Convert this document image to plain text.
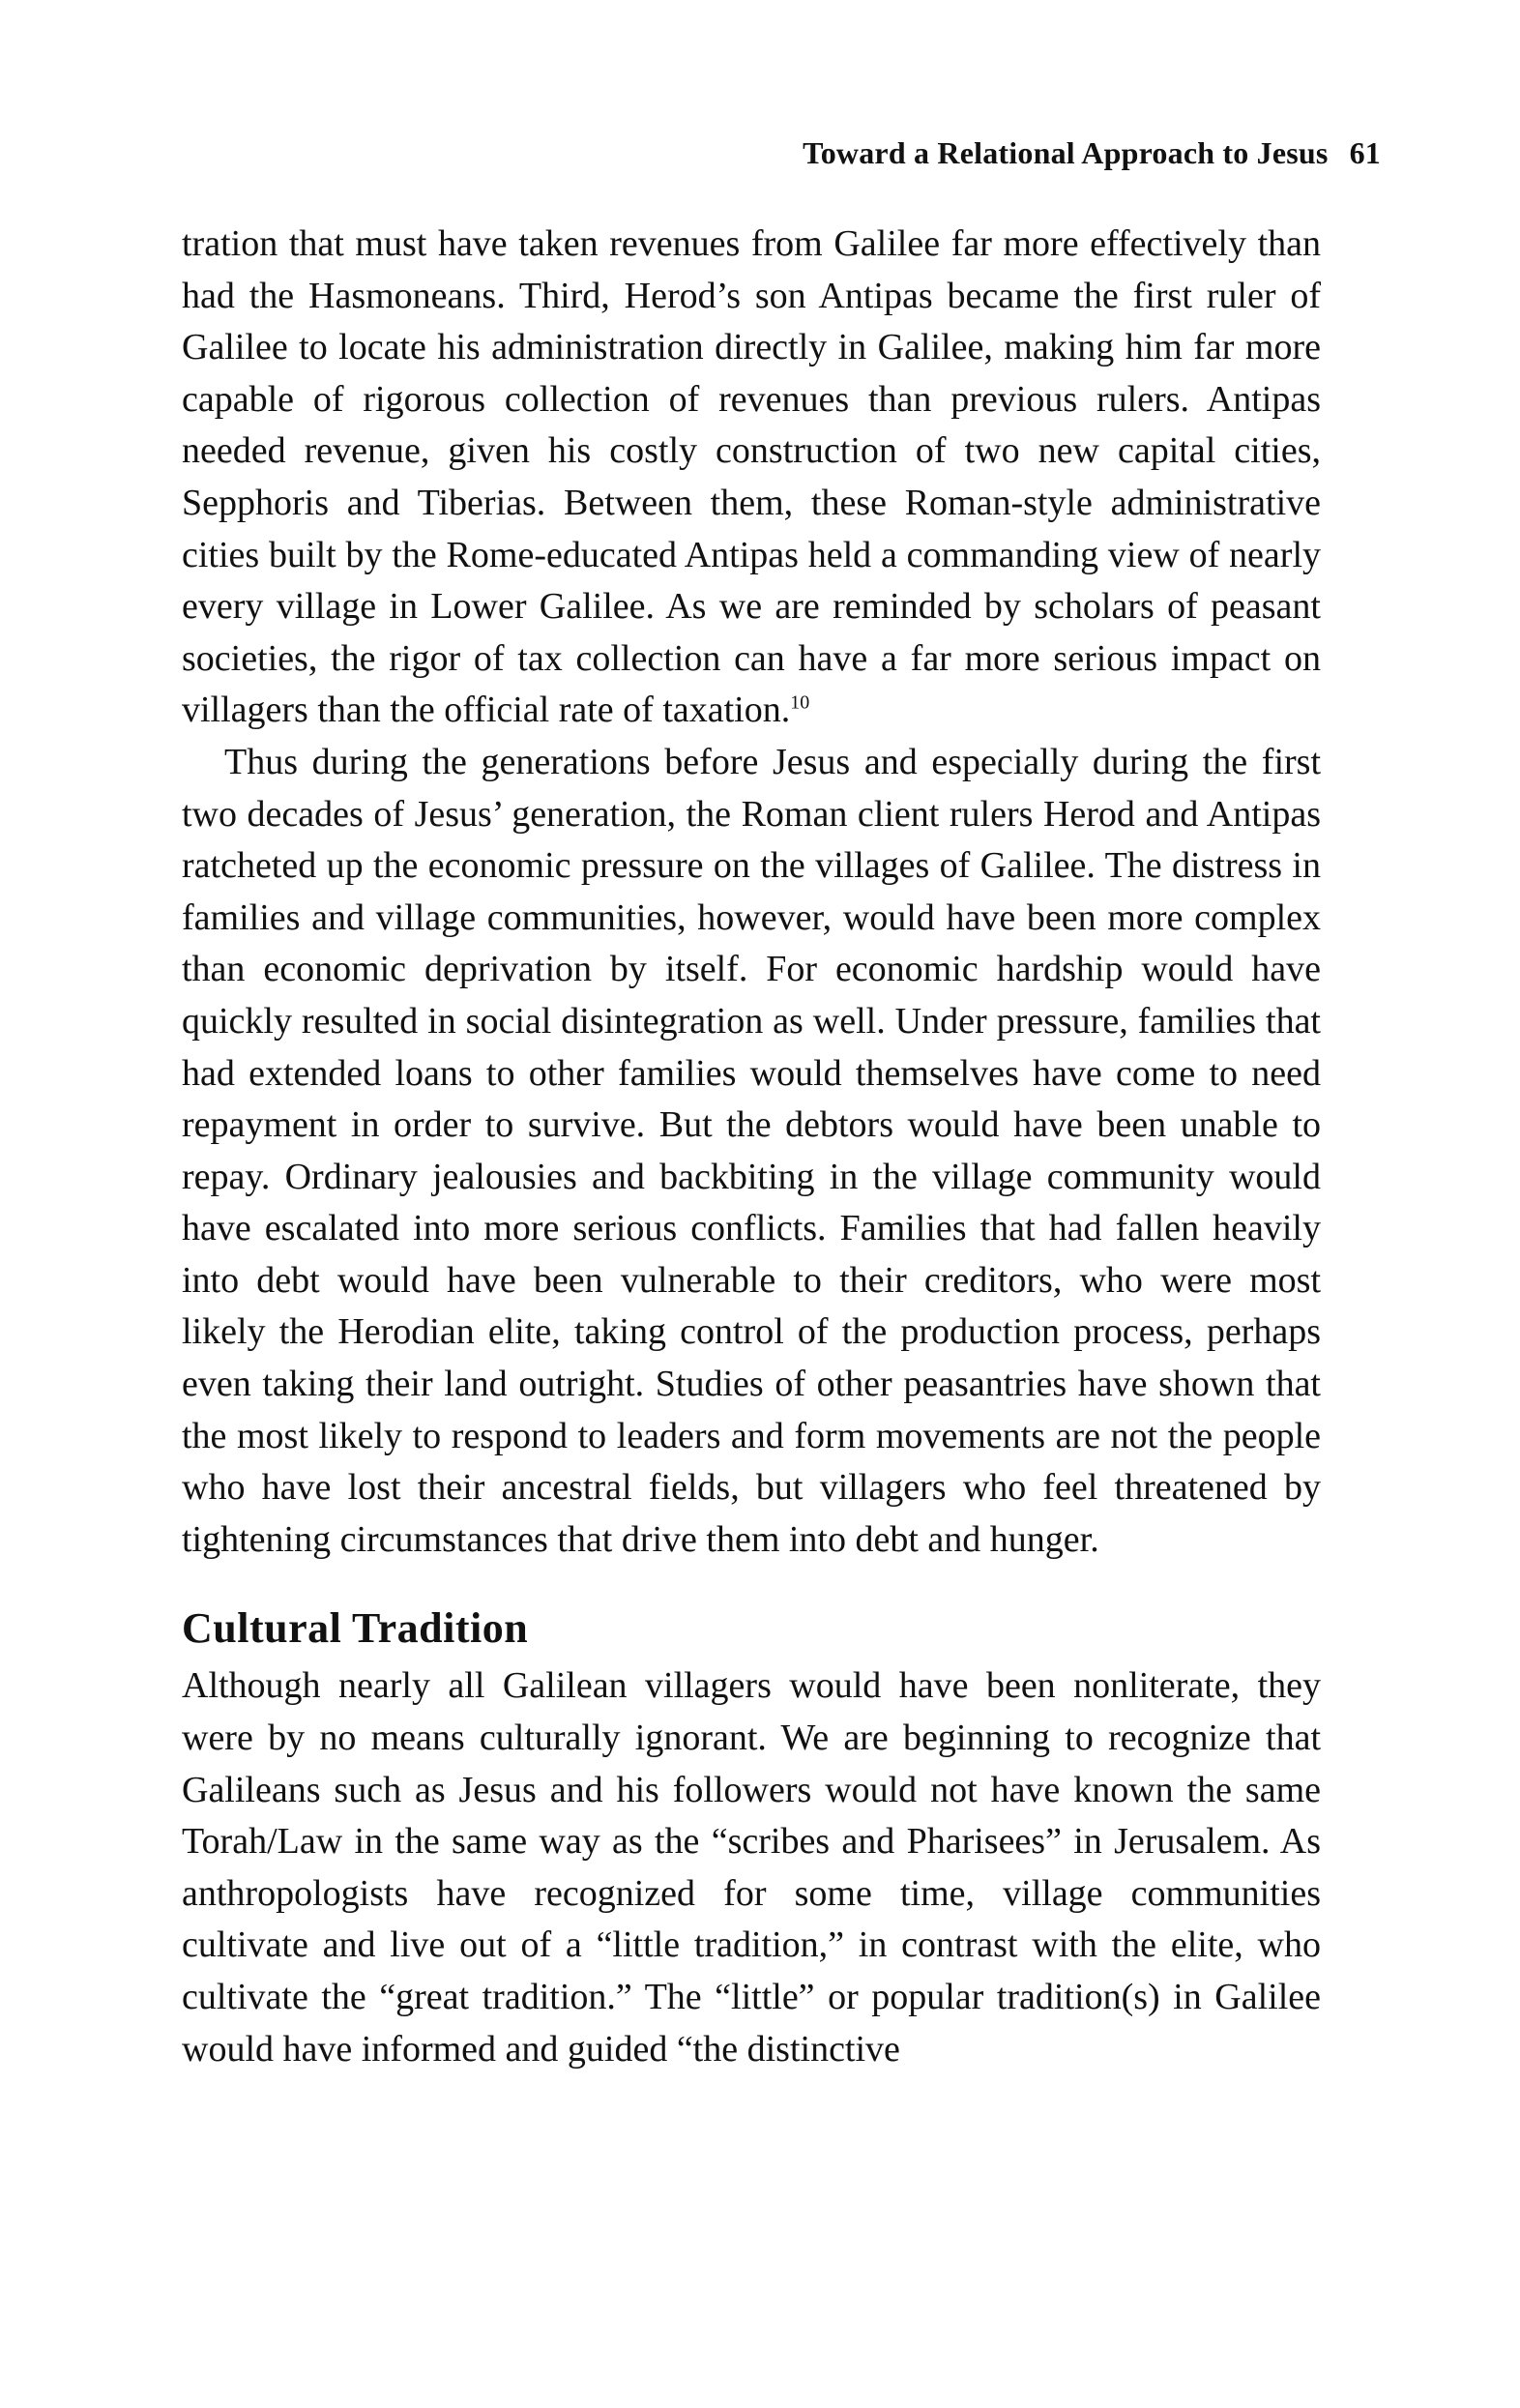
Toward a Relational Approach to Jesus 61

tration that must have taken revenues from Galilee far more effectively than had the Hasmoneans. Third, Herod’s son Antipas became the first ruler of Galilee to locate his administration directly in Galilee, making him far more capable of rigorous collection of revenues than previous rulers. Antipas needed revenue, given his costly construction of two new capital cities, Sepphoris and Tiberias. Between them, these Roman-style administrative cities built by the Rome-educated Antipas held a commanding view of nearly every village in Lower Galilee. As we are reminded by scholars of peasant societies, the rigor of tax collection can have a far more serious impact on villagers than the official rate of taxation.$^{10}$

Thus during the generations before Jesus and especially during the first two decades of Jesus’ generation, the Roman client rulers Herod and Antipas ratcheted up the economic pressure on the villages of Galilee. The distress in families and village communities, however, would have been more complex than economic deprivation by itself. For economic hardship would have quickly resulted in social disintegration as well. Under pressure, families that had extended loans to other families would themselves have come to need repayment in order to survive. But the debtors would have been unable to repay. Ordinary jealousies and backbiting in the village community would have escalated into more serious conflicts. Families that had fallen heavily into debt would have been vulnerable to their creditors, who were most likely the Herodian elite, taking control of the production process, perhaps even taking their land outright. Studies of other peasantries have shown that the most likely to respond to leaders and form movements are not the people who have lost their ancestral fields, but villagers who feel threatened by tightening circumstances that drive them into debt and hunger.

Cultural Tradition

Although nearly all Galilean villagers would have been nonliterate, they were by no means culturally ignorant. We are beginning to recognize that Galileans such as Jesus and his followers would not have known the same Torah/Law in the same way as the “scribes and Pharisees” in Jerusalem. As anthropologists have recognized for some time, village communities cultivate and live out of a “little tradition,” in contrast with the elite, who cultivate the “great tradition.” The “little” or popular tradition(s) in Galilee would have informed and guided “the distinctive
